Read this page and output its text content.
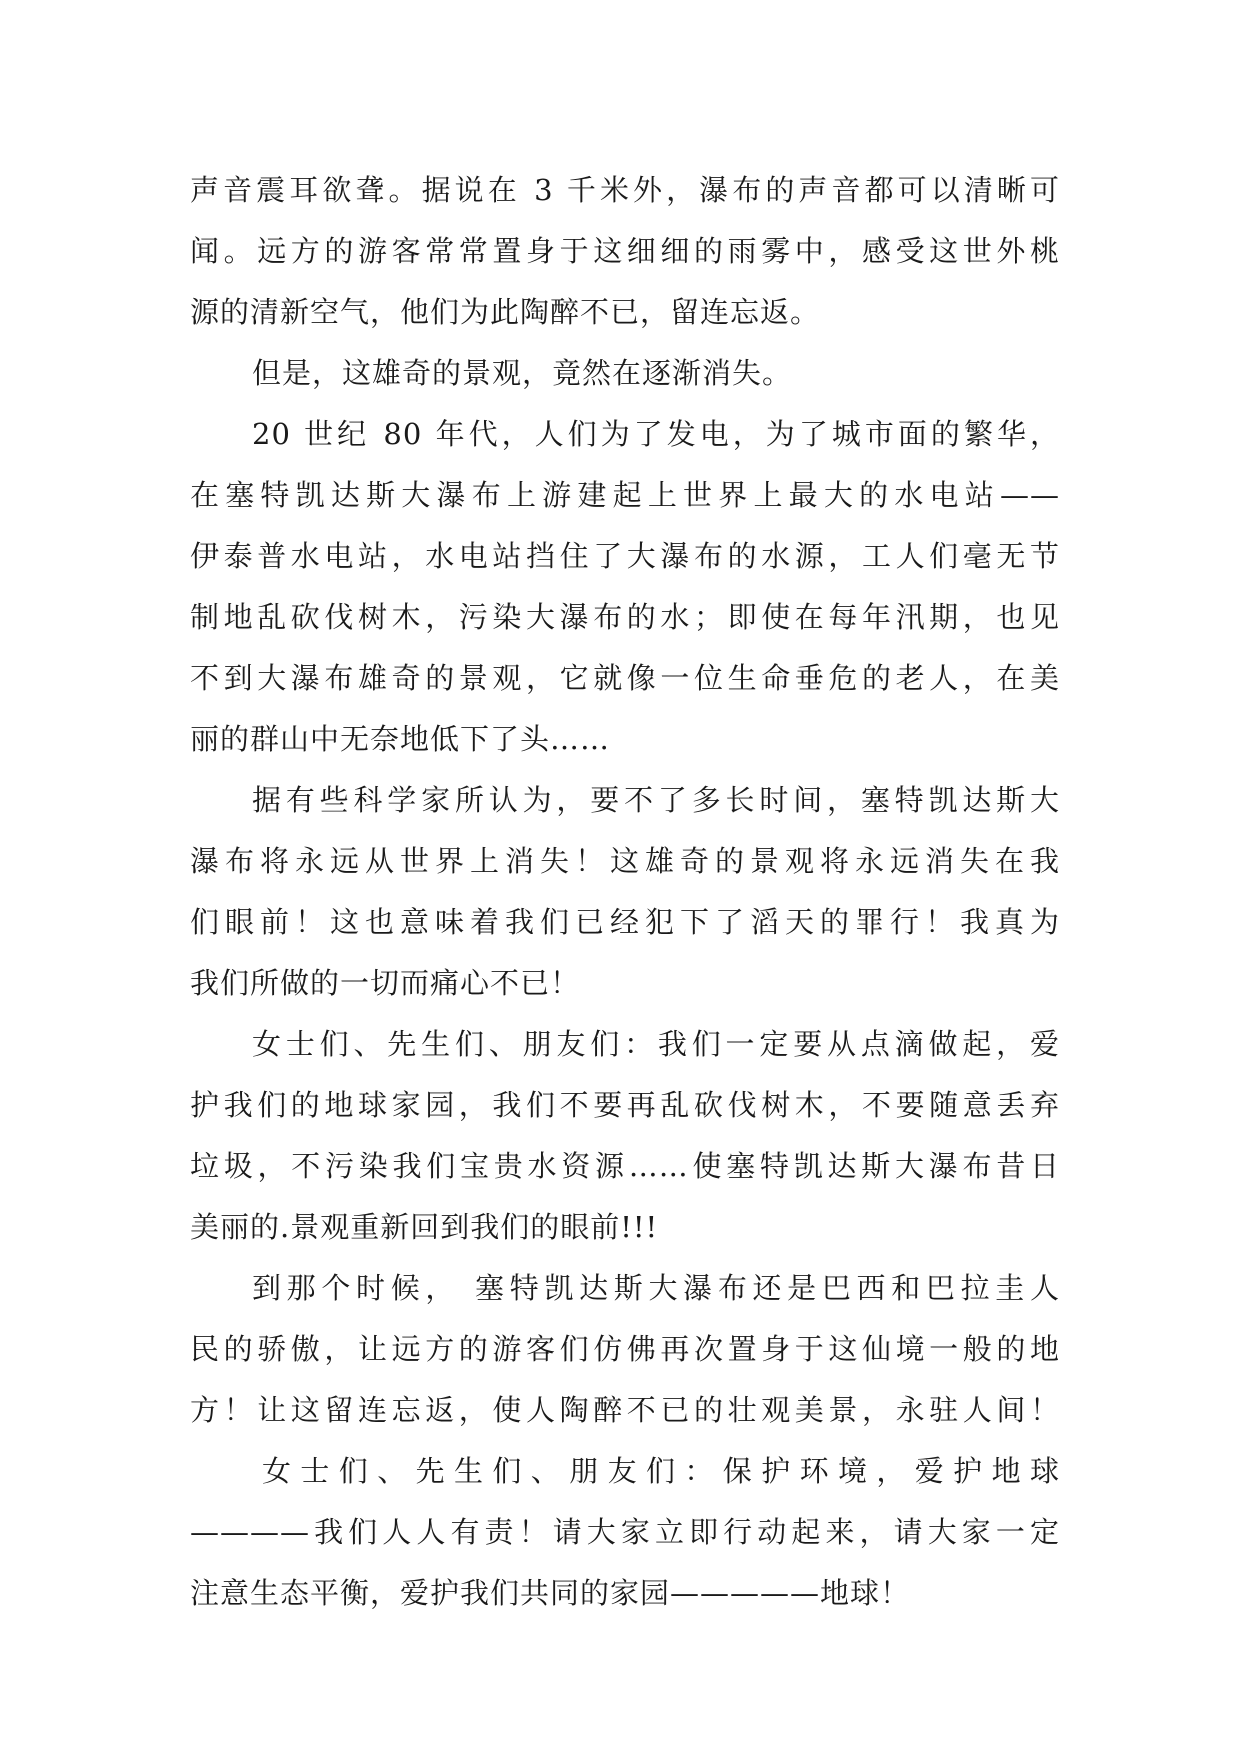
声音震耳欲聋。据说在 3 千米外，瀑布的声音都可以清晰可
闻。远方的游客常常置身于这细细的雨雾中，感受这世外桃
源的清新空气，他们为此陶醉不已，留连忘返。
但是，这雄奇的景观，竟然在逐渐消失。
20 世纪 80 年代，人们为了发电，为了城市面的繁华，
在塞特凯达斯大瀑布上游建起上世界上最大的水电站——
伊泰普水电站，水电站挡住了大瀑布的水源，工人们毫无节
制地乱砍伐树木，污染大瀑布的水；即使在每年汛期，也见
不到大瀑布雄奇的景观，它就像一位生命垂危的老人，在美
丽的群山中无奈地低下了头……
据有些科学家所认为，要不了多长时间，塞特凯达斯大
瀑布将永远从世界上消失！这雄奇的景观将永远消失在我
们眼前！这也意味着我们已经犯下了滔天的罪行！我真为
我们所做的一切而痛心不已！
女士们、先生们、朋友们：我们一定要从点滴做起，爱
护我们的地球家园，我们不要再乱砍伐树木，不要随意丢弃
垃圾，不污染我们宝贵水资源……使塞特凯达斯大瀑布昔日
美丽的.景观重新回到我们的眼前!!!
到那个时候， 塞特凯达斯大瀑布还是巴西和巴拉圭人
民的骄傲，让远方的游客们仿佛再次置身于这仙境一般的地
方！让这留连忘返，使人陶醉不已的壮观美景，永驻人间！
女士们、先生们、朋友们：保护环境，爱护地球
————我们人人有责！请大家立即行动起来，请大家一定
注意生态平衡，爱护我们共同的家园—————地球！
